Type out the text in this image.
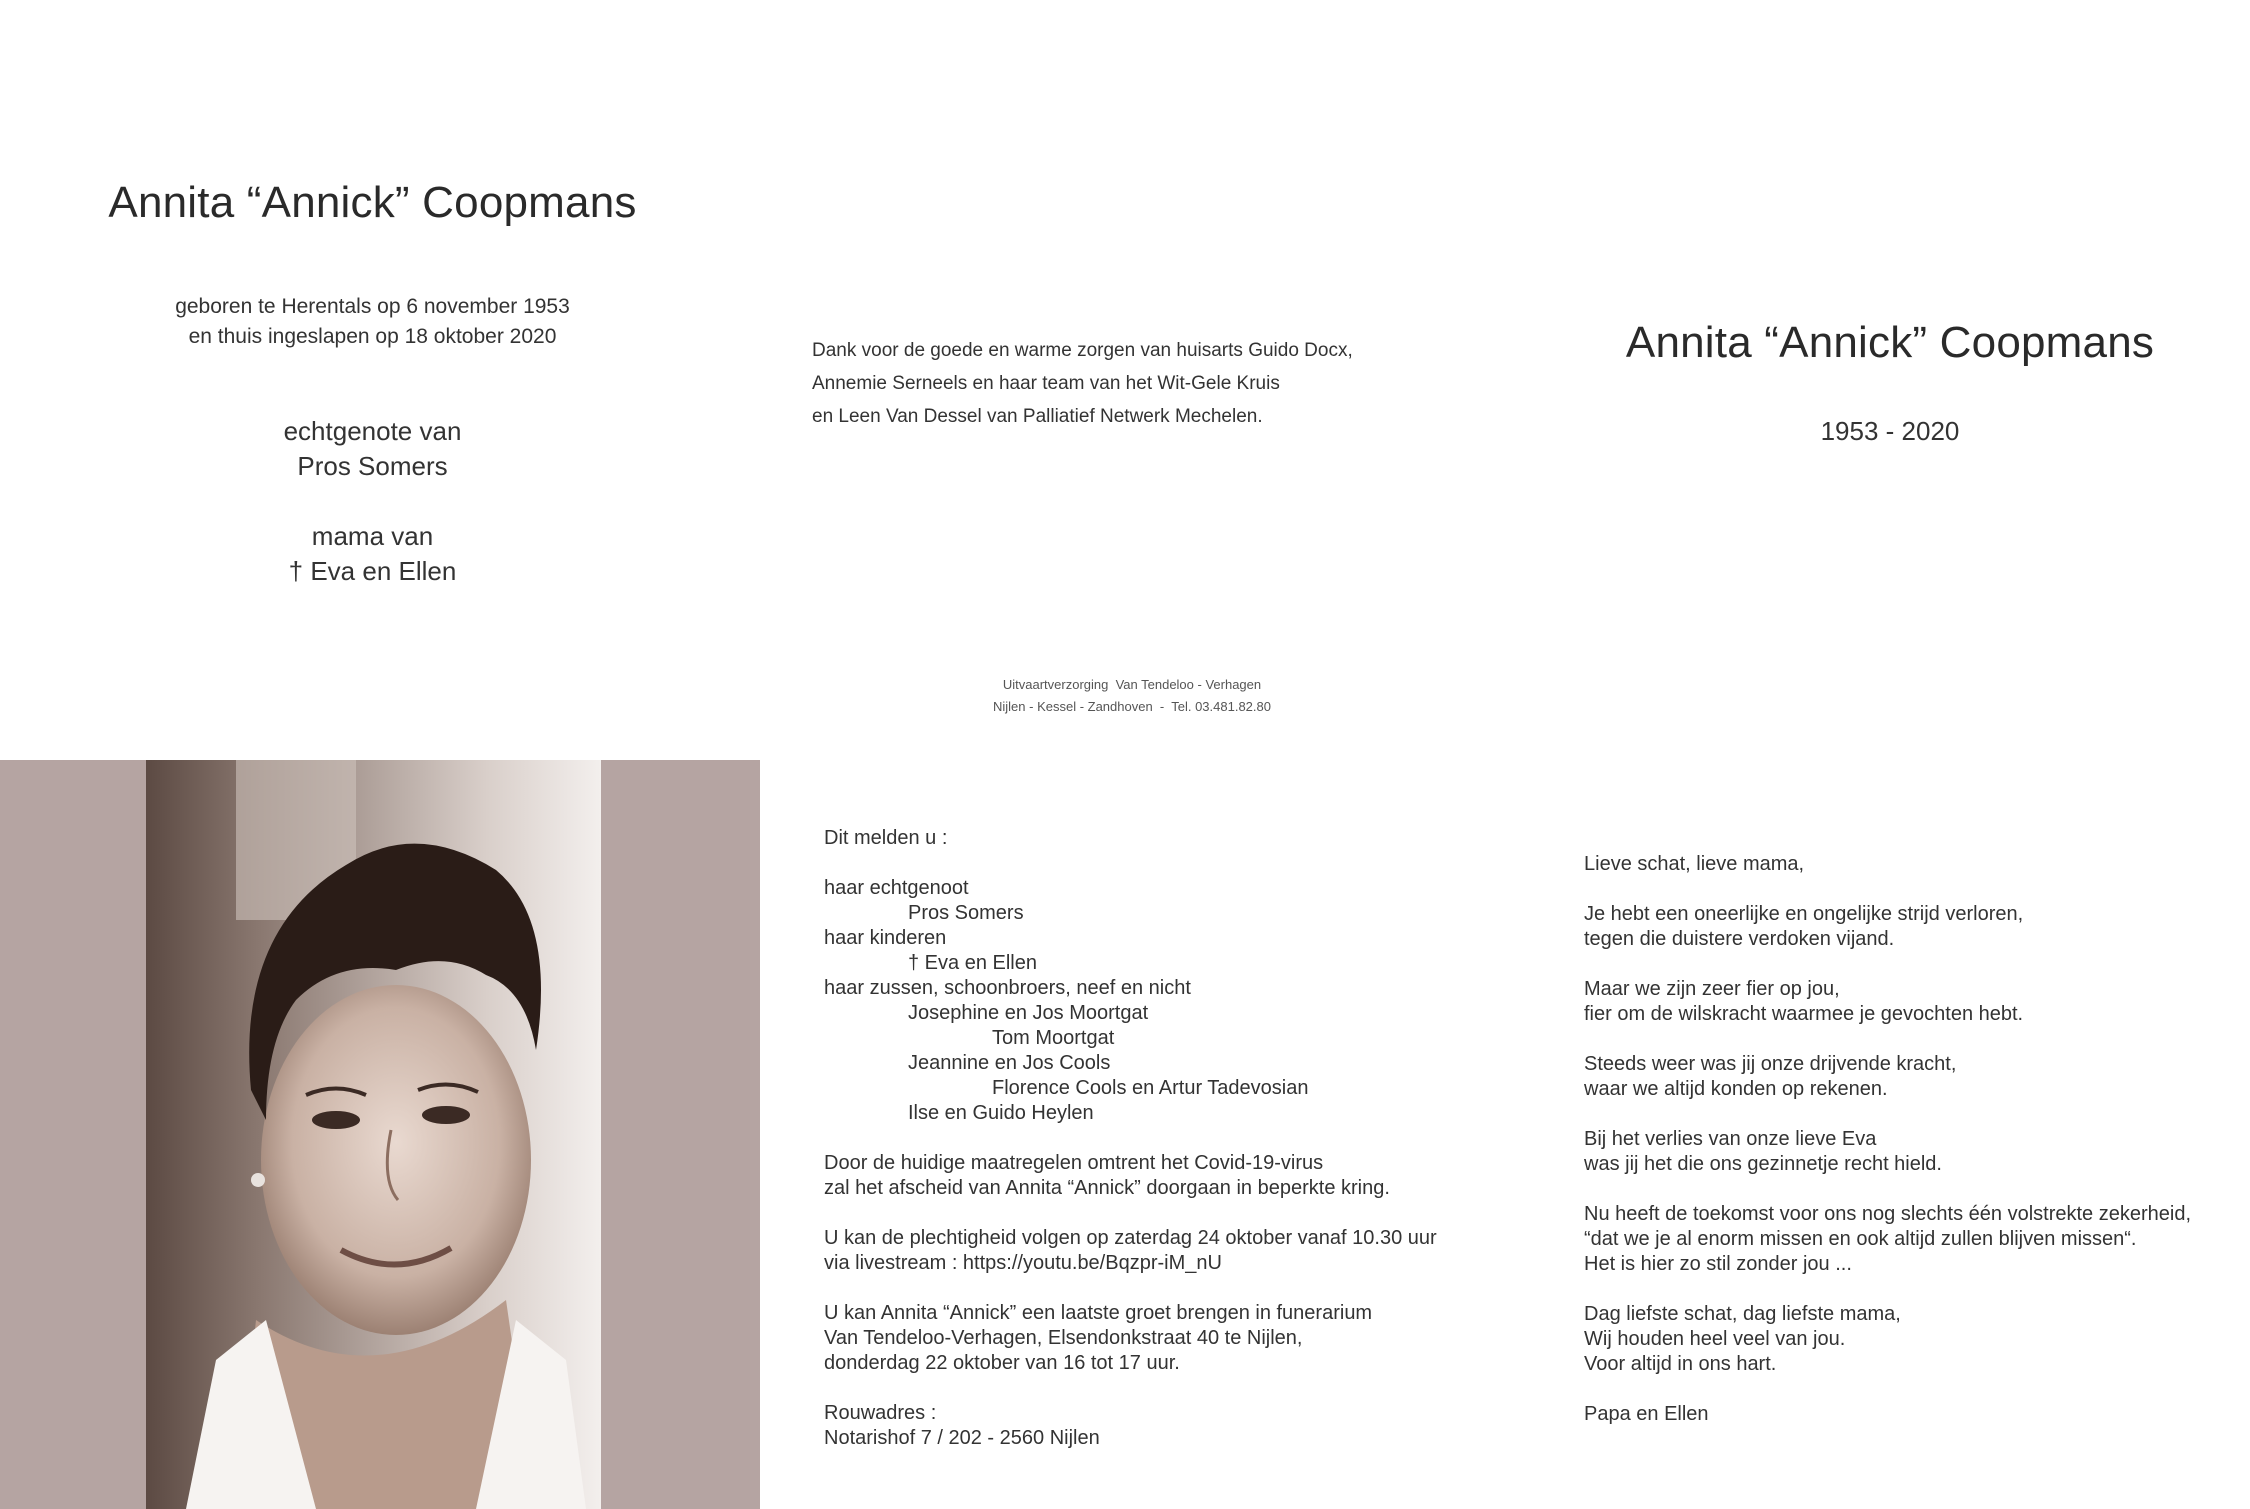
Annita “Annick” Coopmans
geboren te Herentals op 6 november 1953
en thuis ingeslapen op 18 oktober 2020
echtgenote van
Pros Somers
mama van
† Eva en Ellen
Dank voor de goede en warme zorgen van huisarts Guido Docx,
Annemie Serneels en haar team van het Wit-Gele Kruis
en Leen Van Dessel van Palliatief Netwerk Mechelen.
Uitvaartverzorging  Van Tendeloo - Verhagen
Nijlen - Kessel - Zandhoven  -  Tel. 03.481.82.80
Annita “Annick” Coopmans
1953 - 2020
Dit melden u :
haar echtgenoot
Pros Somers
haar kinderen
† Eva en Ellen
haar zussen, schoonbroers, neef en nicht
Josephine en Jos Moortgat
Tom Moortgat
Jeannine en Jos Cools
Florence Cools en Artur Tadevosian
Ilse en Guido Heylen
Door de huidige maatregelen omtrent het Covid-19-virus
zal het afscheid van Annita “Annick” doorgaan in beperkte kring.
U kan de plechtigheid volgen op zaterdag 24 oktober vanaf 10.30 uur
via livestream : https://youtu.be/Bqzpr-iM_nU
U kan Annita “Annick” een laatste groet brengen in funerarium
Van Tendeloo-Verhagen, Elsendonkstraat 40 te Nijlen,
donderdag 22 oktober van 16 tot 17 uur.
Rouwadres :
Notarishof 7 / 202 - 2560 Nijlen
Lieve schat, lieve mama,
Je hebt een oneerlijke en ongelijke strijd verloren,
tegen die duistere verdoken vijand.
Maar we zijn zeer fier op jou,
fier om de wilskracht waarmee je gevochten hebt.
Steeds weer was jij onze drijvende kracht,
waar we altijd konden op rekenen.
Bij het verlies van onze lieve Eva
was jij het die ons gezinnetje recht hield.
Nu heeft de toekomst voor ons nog slechts één volstrekte zekerheid,
“dat we je al enorm missen en ook altijd zullen blijven missen“.
Het is hier zo stil zonder jou ...
Dag liefste schat, dag liefste mama,
Wij houden heel veel van jou.
Voor altijd in ons hart.
Papa en Ellen
